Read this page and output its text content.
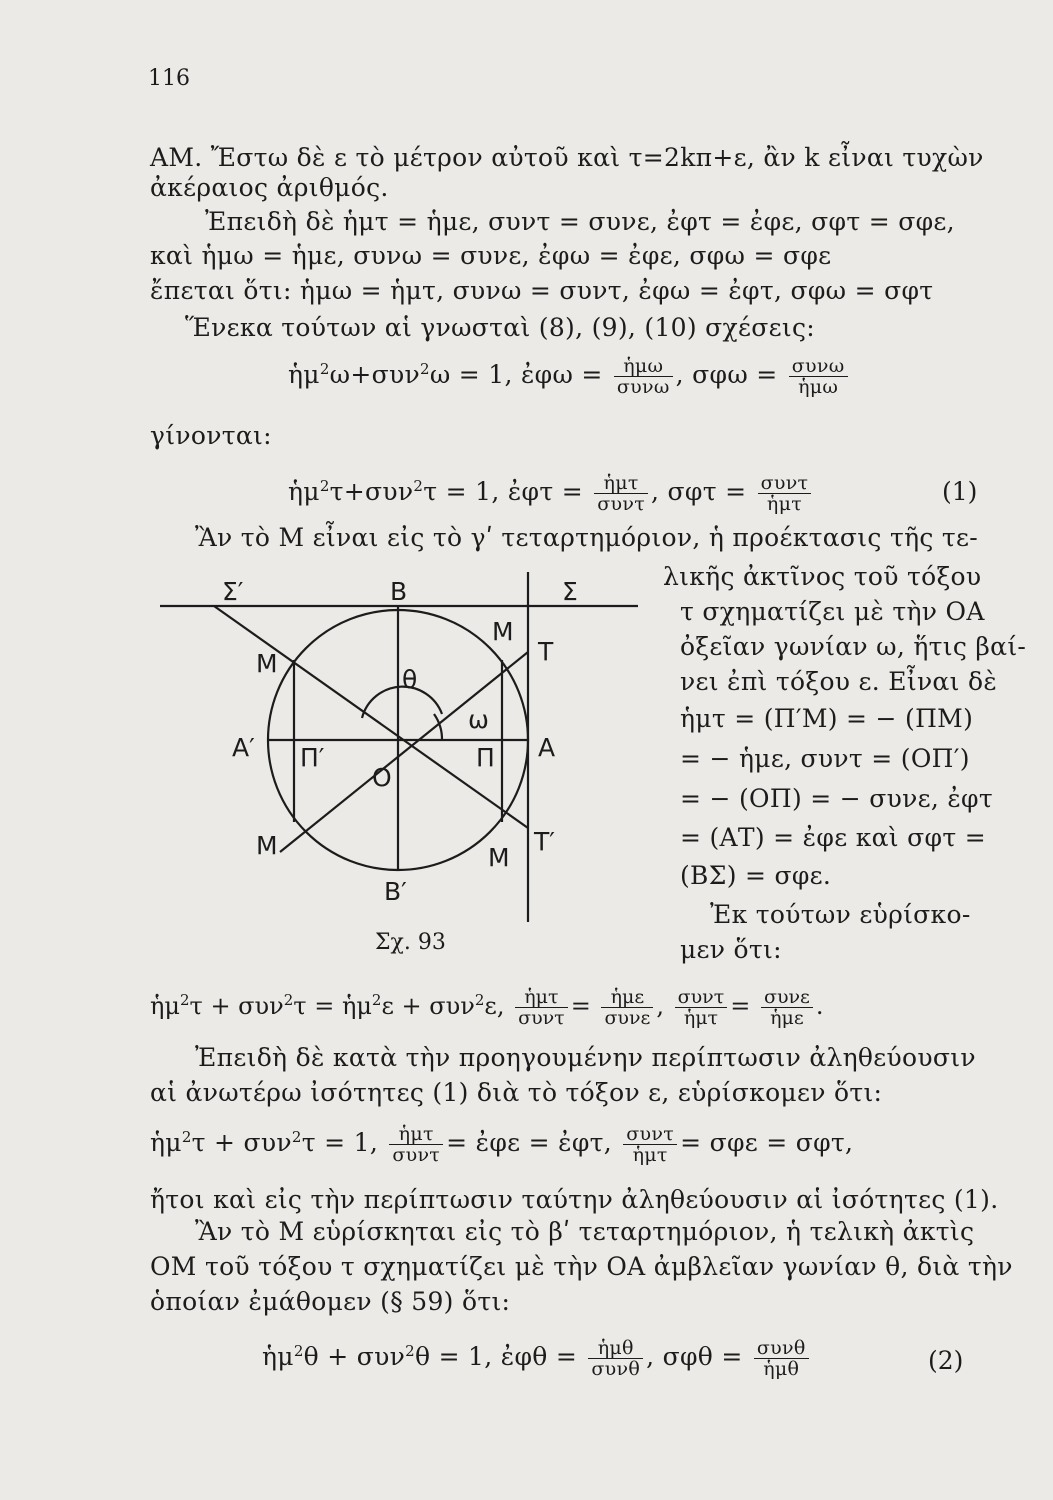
116
ΑΜ. Ἔστω δὲ ε τὸ μέτρον αὐτοῦ καὶ τ=2kπ+ε, ἂν k εἶναι τυχὼν
ἀκέραιος ἀριθμός.
Ἐπειδὴ δὲ ἡμτ = ἡμε, συντ = συνε, ἐφτ = ἐφε, σφτ = σφε,
καὶ ἡμω = ἡμε, συνω = συνε, ἐφω = ἐφε, σφω = σφε
ἔπεται ὅτι: ἡμω = ἡμτ, συνω = συντ, ἐφω = ἐφτ, σφω = σφτ
Ἕνεκα τούτων αἱ γνωσταὶ (8), (9), (10) σχέσεις:
γίνονται:
Ἂν τὸ Μ εἶναι εἰς τὸ γʹ τεταρτημόριον, ἡ προέκτασις τῆς τε-
λικῆς ἀκτῖνος τοῦ τόξου
τ σχηματίζει μὲ τὴν ΟΑ
ὀξεῖαν γωνίαν ω, ἥτις βαί-
νει ἐπὶ τόξου ε. Εἶναι δὲ
ἡμτ = (Π′Μ) = − (ΠΜ)
= − ἡμε, συντ = (ΟΠ′)
= − (ΟΠ) = − συνε, ἐφτ
= (ΑΤ) = ἐφε καὶ σφτ =
(ΒΣ) = σφε.
Ἐκ τούτων εὑρίσκο-
μεν ὅτι:
Ἐπειδὴ δὲ κατὰ τὴν προηγουμένην περίπτωσιν ἀληθεύουσιν
αἱ ἀνωτέρω ἰσότητες (1) διὰ τὸ τόξον ε, εὑρίσκομεν ὅτι:
ἤτοι καὶ εἰς τὴν περίπτωσιν ταύτην ἀληθεύουσιν αἱ ἰσότητες (1).
Ἂν τὸ Μ εὑρίσκηται εἰς τὸ βʹ τεταρτημόριον, ἡ τελικὴ ἀκτὶς
ΟΜ τοῦ τόξου τ σχηματίζει μὲ τὴν ΟΑ ἀμβλεῖαν γωνίαν θ, διὰ τὴν
ὁποίαν ἐμάθομεν (§ 59) ὅτι:
ἡμ$^2$ω+συν$^2$ω = 1, ἐφω = $\frac{\text{ἡμω}}{\text{συνω}}$ , $\sigma\varphi\omega = \frac{\text{συνω}}{\text{ἡμω}}$
ἡμ$^2$τ+συν$^2$τ = 1, ἐφτ = $\frac{\text{ἡμτ}}{\text{συντ}}$ , $\sigma\varphi\tau = \frac{\text{συντ}}{\text{ἡμτ}}$	(1)
ἡμ$^2$τ + συν$^2$τ = ἡμ$^2$ε + συν$^2$ε, $\frac{\text{ἡμτ}}{\text{συντ}} = \frac{\text{ἡμε}}{\text{συνε}}$ , $\frac{\text{συντ}}{\text{ἡμτ}} = \frac{\text{συνε}}{\text{ἡμε}}$ .
ἡμ$^2$τ + συν$^2$τ = 1, $\frac{\text{ἡμτ}}{\text{συντ}}$ = ἐφε = ἐφτ, $\frac{\text{συντ}}{\text{ἡμτ}} = \sigma\varphi\varepsilon = \sigma\varphi\tau$,
ἡμ$^2$θ + συν$^2$θ = 1, ἐφθ = $\frac{\text{ἡμθ}}{\text{συνθ}}$ , $\sigma\varphi\theta = \frac{\text{συνθ}}{\text{ἡμθ}}$	(2)
Σ′	Β	Σ
Μ
Τ
Μ
θ
ω
Α′ Π′
Ο
Π Α
Μ	Μ
Τ′
Β′
Σχ. 93
